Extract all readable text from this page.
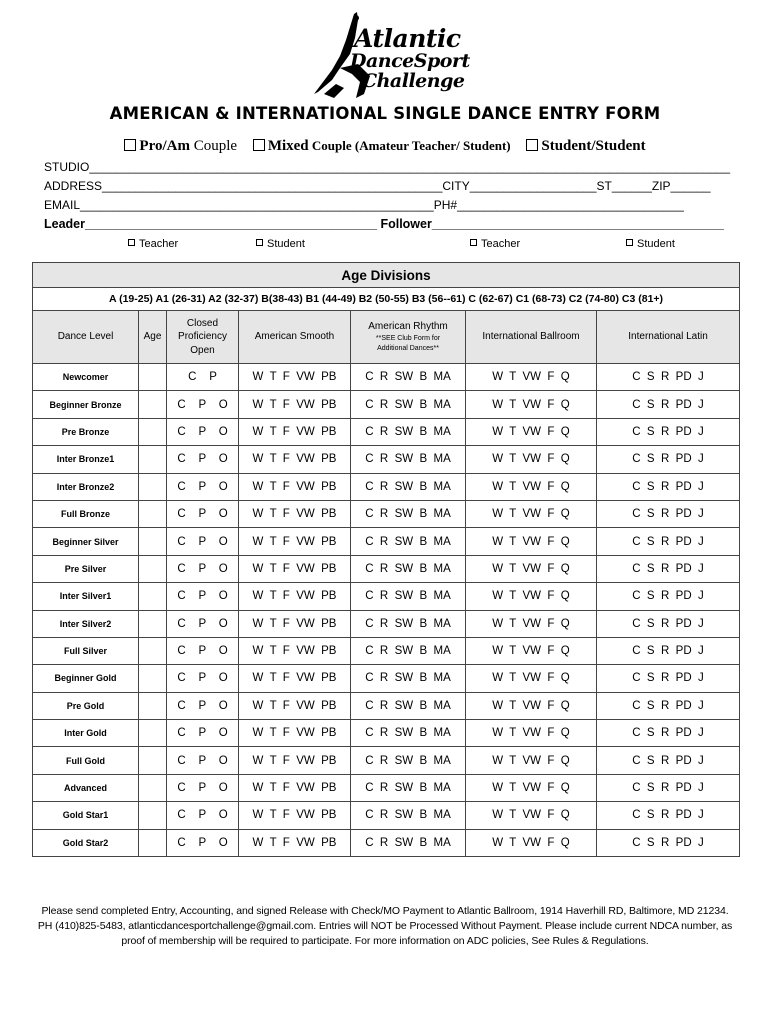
Atlantic
DanceSport
Challenge
AMERICAN & INTERNATIONAL SINGLE DANCE ENTRY FORM
Pro/Am Couple Mixed Couple (Amateur Teacher/ Student) Student/Student
STUDIO________________________________________________________________________________________________
ADDRESS___________________________________________________CITY___________________ST______ZIP______
EMAIL_____________________________________________________PH#__________________________________
Leader__________________________________________ Follower__________________________________________
Teacher	Student	Teacher	Student
Age Divisions						
A (19-25) A1 (26-31) A2 (32-37) B(38-43) B1 (44-49) B2 (50-55) B3 (56--61) C (62-67) C1 (68-73) C2 (74-80) C3 (81+)						
Dance Level	Age	Closed
Proficiency
Open	American Smooth	American Rhythm
**SEE Club Form for
Additional Dances**	International Ballroom	International Latin
Newcomer		C    P	W  T  F  VW  PB	C  R  SW  B  MA	W  T  VW  F  Q	C  S  R  PD  J
Beginner Bronze		C    P    O	W  T  F  VW  PB	C  R  SW  B  MA	W  T  VW  F  Q	C  S  R  PD  J
Pre Bronze		C    P    O	W  T  F  VW  PB	C  R  SW  B  MA	W  T  VW  F  Q	C  S  R  PD  J
Inter Bronze1		C    P    O	W  T  F  VW  PB	C  R  SW  B  MA	W  T  VW  F  Q	C  S  R  PD  J
Inter Bronze2		C    P    O	W  T  F  VW  PB	C  R  SW  B  MA	W  T  VW  F  Q	C  S  R  PD  J
Full Bronze		C    P    O	W  T  F  VW  PB	C  R  SW  B  MA	W  T  VW  F  Q	C  S  R  PD  J
Beginner Silver		C    P    O	W  T  F  VW  PB	C  R  SW  B  MA	W  T  VW  F  Q	C  S  R  PD  J
Pre Silver		C    P    O	W  T  F  VW  PB	C  R  SW  B  MA	W  T  VW  F  Q	C  S  R  PD  J
Inter Silver1		C    P    O	W  T  F  VW  PB	C  R  SW  B  MA	W  T  VW  F  Q	C  S  R  PD  J
Inter Silver2		C    P    O	W  T  F  VW  PB	C  R  SW  B  MA	W  T  VW  F  Q	C  S  R  PD  J
Full Silver		C    P    O	W  T  F  VW  PB	C  R  SW  B  MA	W  T  VW  F  Q	C  S  R  PD  J
Beginner Gold		C    P    O	W  T  F  VW  PB	C  R  SW  B  MA	W  T  VW  F  Q	C  S  R  PD  J
Pre Gold		C    P    O	W  T  F  VW  PB	C  R  SW  B  MA	W  T  VW  F  Q	C  S  R  PD  J
Inter Gold		C    P    O	W  T  F  VW  PB	C  R  SW  B  MA	W  T  VW  F  Q	C  S  R  PD  J
Full Gold		C    P    O	W  T  F  VW  PB	C  R  SW  B  MA	W  T  VW  F  Q	C  S  R  PD  J
Advanced		C    P    O	W  T  F  VW  PB	C  R  SW  B  MA	W  T  VW  F  Q	C  S  R  PD  J
Gold Star1		C    P    O	W  T  F  VW  PB	C  R  SW  B  MA	W  T  VW  F  Q	C  S  R  PD  J
Gold Star2		C    P    O	W  T  F  VW  PB	C  R  SW  B  MA	W  T  VW  F  Q	C  S  R  PD  J
Please send completed Entry, Accounting, and signed Release with Check/MO Payment to Atlantic Ballroom, 1914 Haverhill RD, Baltimore, MD 21234.
PH (410)825-5483, atlanticdancesportchallenge@gmail.com. Entries will NOT be Processed Without Payment. Please include current NDCA number, as
proof of membership will be required to participate. For more information on ADC policies, See Rules & Regulations.
